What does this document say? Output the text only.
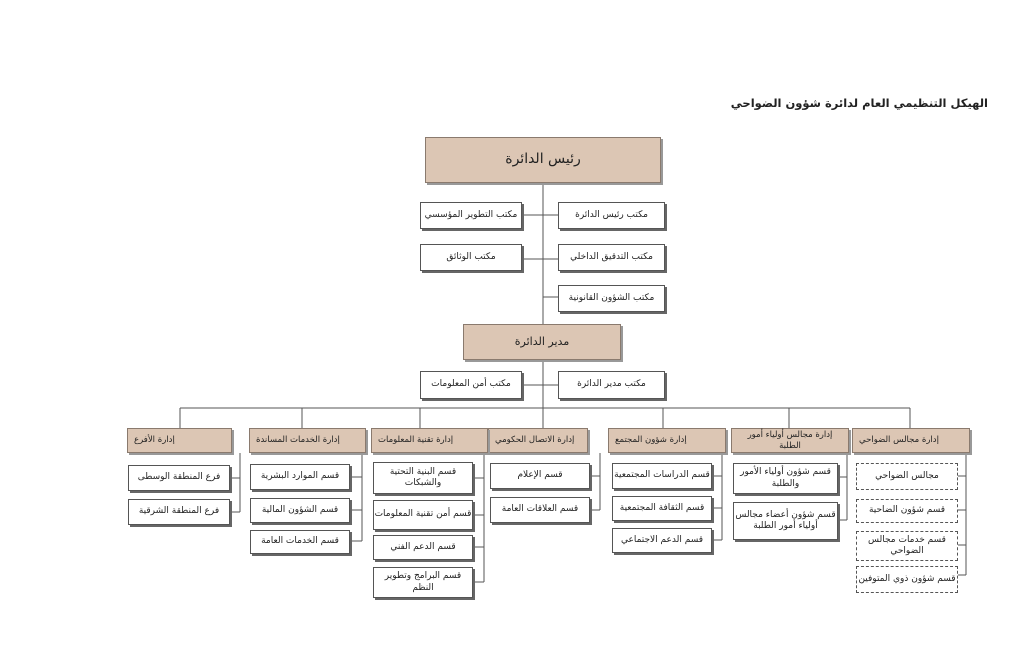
الهيكل التنظيمي العام لدائرة شؤون الضواحي
رئيس الدائرة
مكتب رئيس الدائرة
مكتب التدقيق الداخلي
مكتب الشؤون القانونية
مكتب التطوير المؤسسي
مكتب الوثائق
مدير الدائرة
مكتب مدير الدائرة
مكتب أمن المعلومات
إدارة مجالس الضواحي
إدارة مجالس أولياء أمور الطلبة
إدارة شؤون المجتمع
إدارة الاتصال الحكومي
إدارة تقنية المعلومات
إدارة الخدمات المساندة
إدارة الأفرع
مجالس الضواحي
قسم شؤون الضاحية
قسم خدمات مجالس الضواحي
قسم شؤون ذوي المتوفين
قسم شؤون أولياء الأمور والطلبة
قسم شؤون أعضاء مجالس أولياء أمور الطلبة
قسم الدراسات المجتمعية
قسم الثقافة المجتمعية
قسم الدعم الاجتماعي
قسم الإعلام
قسم العلاقات العامة
قسم البنية التحتية والشبكات
قسم أمن تقنية المعلومات
قسم الدعم الفني
قسم البرامج وتطوير النظم
قسم الموارد البشرية
قسم الشؤون المالية
قسم الخدمات العامة
فرع المنطقة الوسطى
فرع المنطقة الشرقية
